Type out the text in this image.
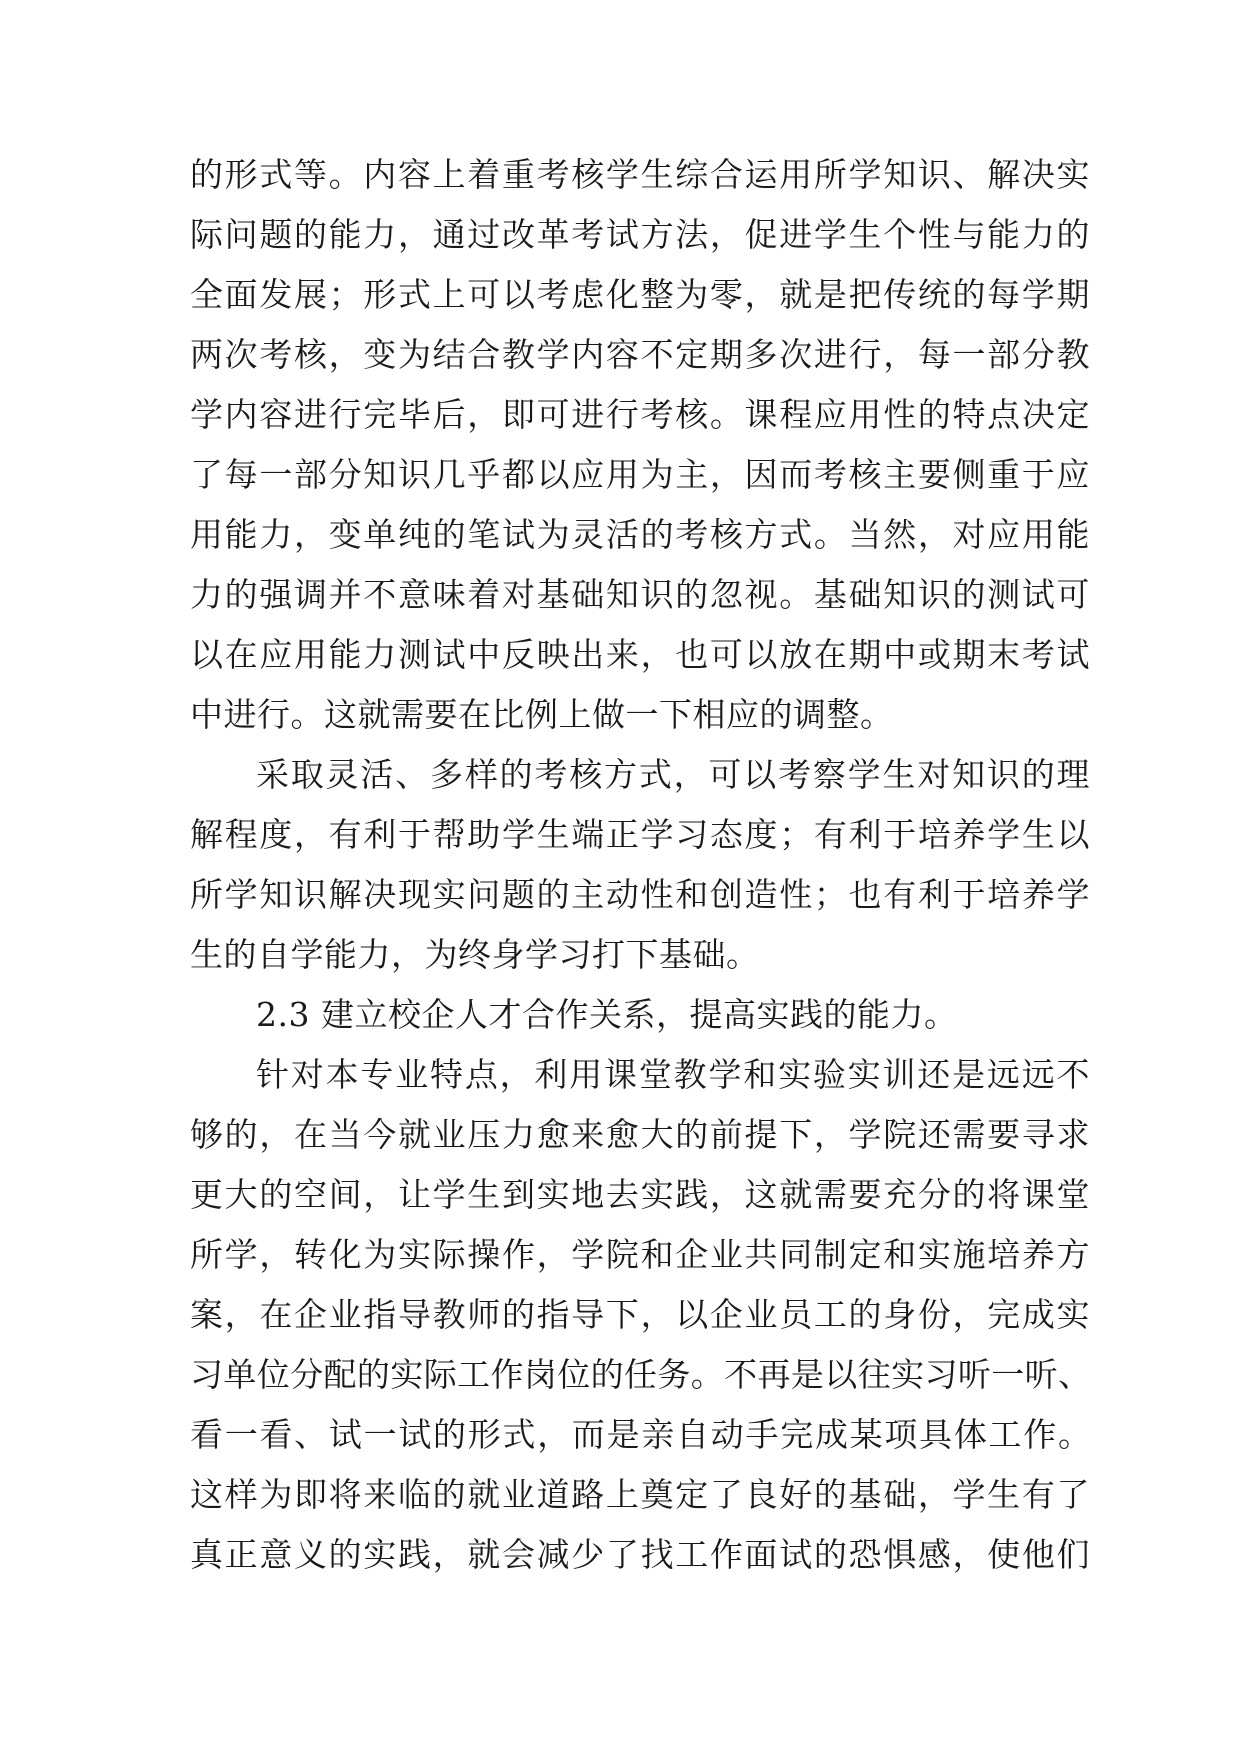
的形式等。内容上着重考核学生综合运用所学知识、解决实
际问题的能力，通过改革考试方法，促进学生个性与能力的
全面发展；形式上可以考虑化整为零，就是把传统的每学期
两次考核，变为结合教学内容不定期多次进行，每一部分教
学内容进行完毕后，即可进行考核。课程应用性的特点决定
了每一部分知识几乎都以应用为主，因而考核主要侧重于应
用能力，变单纯的笔试为灵活的考核方式。当然，对应用能
力的强调并不意味着对基础知识的忽视。基础知识的测试可
以在应用能力测试中反映出来，也可以放在期中或期末考试
中进行。这就需要在比例上做一下相应的调整。
采取灵活、多样的考核方式，可以考察学生对知识的理
解程度，有利于帮助学生端正学习态度；有利于培养学生以
所学知识解决现实问题的主动性和创造性；也有利于培养学
生的自学能力，为终身学习打下基础。
2.3 建立校企人才合作关系，提高实践的能力。
针对本专业特点，利用课堂教学和实验实训还是远远不
够的，在当今就业压力愈来愈大的前提下，学院还需要寻求
更大的空间，让学生到实地去实践，这就需要充分的将课堂
所学，转化为实际操作，学院和企业共同制定和实施培养方
案，在企业指导教师的指导下，以企业员工的身份，完成实
习单位分配的实际工作岗位的任务。不再是以往实习听一听、
看一看、试一试的形式，而是亲自动手完成某项具体工作。
这样为即将来临的就业道路上奠定了良好的基础，学生有了
真正意义的实践，就会减少了找工作面试的恐惧感，使他们
